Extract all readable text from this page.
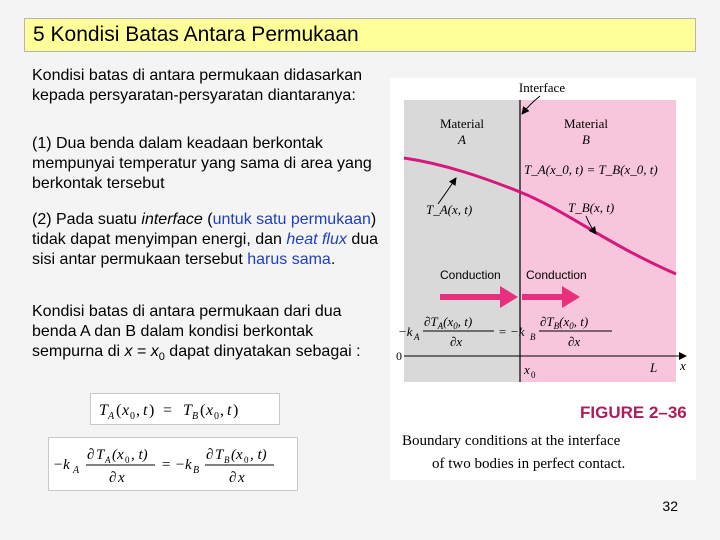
5 Kondisi Batas Antara Permukaan
Kondisi batas di antara permukaan didasarkan kepada persyaratan-persyaratan diantaranya:
(1) Dua benda dalam keadaan berkontak mempunyai temperatur yang sama di area yang berkontak tersebut
(2) Pada suatu interface (untuk satu permukaan) tidak dapat menyimpan energi, dan heat flux dua sisi antar permukaan tersebut harus sama.
Kondisi batas di antara permukaan dari dua benda A dan B dalam kondisi berkontak sempurna di $x = x_0$ dapat dinyatakan sebagai :
T A ( x 0 , t ) = T B ( x 0 , t )
−k A
∂ T A (x 0 , t)
∂ x
= −k B
∂ T B (x 0 , t)
∂ x
Interface
Material
A
Material
B
T_A(x_0, t) = T_B(x_0, t)
T_A(x, t)	T_B(x, t)
Conduction Conduction
−k A
$\partial T_A(x_0$, t)
∂x
= −k B
$\partial T_B(x_0$, t)
∂x
0
x 0	L x
FIGURE 2–36
Boundary conditions at the interface
of two bodies in perfect contact.
32
